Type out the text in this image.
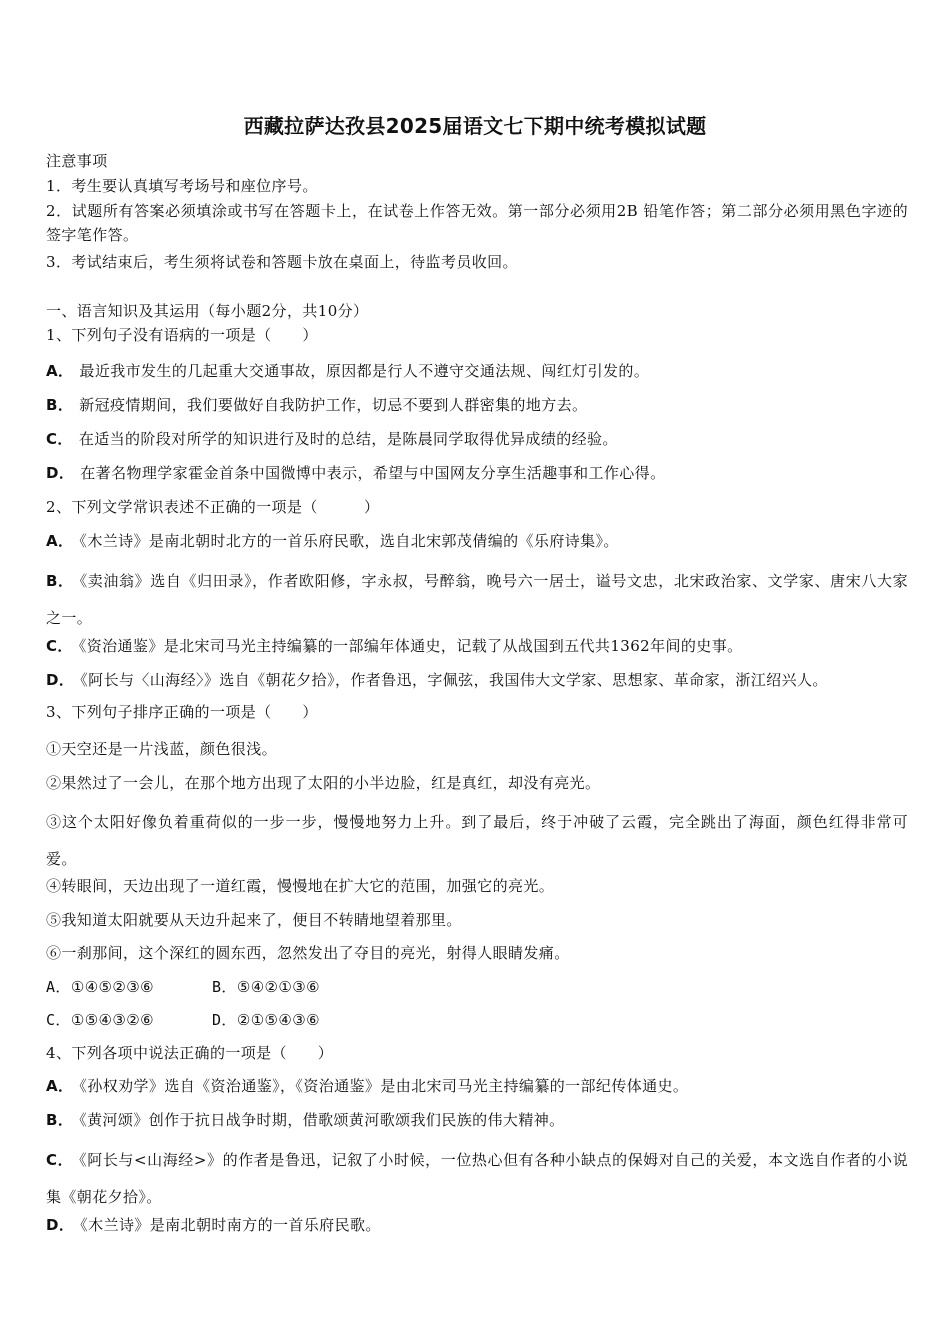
西藏拉萨达孜县2025届语文七下期中统考模拟试题
注意事项
1．考生要认真填写考场号和座位序号。
2．试题所有答案必须填涂或书写在答题卡上，在试卷上作答无效。第一部分必须用2B 铅笔作答；第二部分必须用黑色字迹的签字笔作答。
3．考试结束后，考生须将试卷和答题卡放在桌面上，待监考员收回。
一、语言知识及其运用（每小题2分，共10分）
1、下列句子没有语病的一项是（　　）
A． 最近我市发生的几起重大交通事故，原因都是行人不遵守交通法规、闯红灯引发的。
B． 新冠疫情期间，我们要做好自我防护工作，切忌不要到人群密集的地方去。
C． 在适当的阶段对所学的知识进行及时的总结，是陈晨同学取得优异成绩的经验。
D． 在著名物理学家霍金首条中国微博中表示，希望与中国网友分享生活趣事和工作心得。
2、下列文学常识表述不正确的一项是（　　　）
A． 《木兰诗》是南北朝时北方的一首乐府民歌，选自北宋郭茂倩编的《乐府诗集》。
B． 《卖油翁》选自《归田录》，作者欧阳修，字永叔，号醉翁，晚号六一居士，谥号文忠，北宋政治家、文学家、唐宋八大家之一。
C． 《资治通鉴》是北宋司马光主持编纂的一部编年体通史，记载了从战国到五代共1362年间的史事。
D． 《阿长与〈山海经〉》选自《朝花夕拾》，作者鲁迅，字佩弦，我国伟大文学家、思想家、革命家，浙江绍兴人。
3、下列句子排序正确的一项是（　　）
①天空还是一片浅蓝，颜色很浅。
②果然过了一会儿，在那个地方出现了太阳的小半边脸，红是真红，却没有亮光。
③这个太阳好像负着重荷似的一步一步，慢慢地努力上升。到了最后，终于冲破了云霞，完全跳出了海面，颜色红得非常可爱。
④转眼间，天边出现了一道红霞，慢慢地在扩大它的范围，加强它的亮光。
⑤我知道太阳就要从天边升起来了，便目不转睛地望着那里。
⑥一刹那间，这个深红的圆东西，忽然发出了夺目的亮光，射得人眼睛发痛。
A．①④⑤②③⑥	B．⑤④②①③⑥
C．①⑤④③②⑥	D．②①⑤④③⑥
4、下列各项中说法正确的一项是（　　）
A． 《孙权劝学》选自《资治通鉴》，《资治通鉴》是由北宋司马光主持编纂的一部纪传体通史。
B． 《黄河颂》创作于抗日战争时期，借歌颂黄河歌颂我们民族的伟大精神。
C． 《阿长与<山海经>》的作者是鲁迅，记叙了小时候，一位热心但有各种小缺点的保姆对自己的关爱，本文选自作者的小说集《朝花夕拾》。
D． 《木兰诗》是南北朝时南方的一首乐府民歌。
